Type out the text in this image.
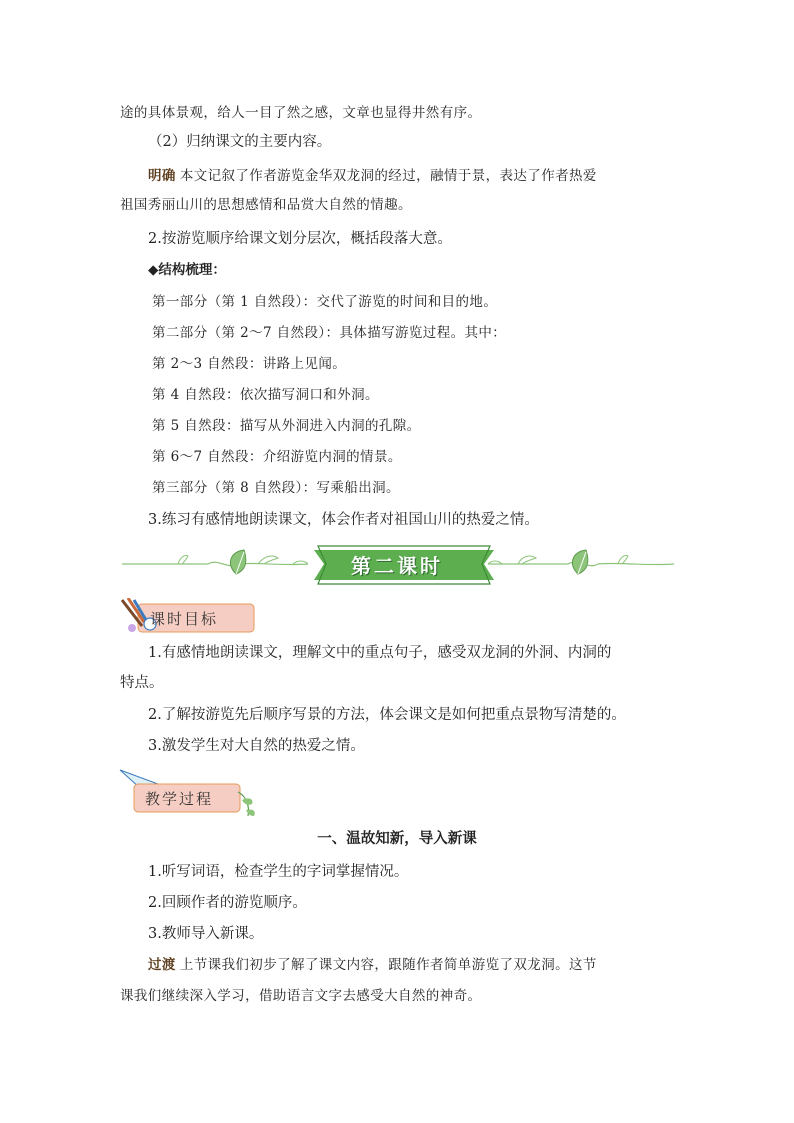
途的具体景观，给人一目了然之感，文章也显得井然有序。
（2）归纳课文的主要内容。
明确 本文记叙了作者游览金华双龙洞的经过，融情于景，表达了作者热爱
祖国秀丽山川的思想感情和品赏大自然的情趣。
2.按游览顺序给课文划分层次，概括段落大意。
◆结构梳理：
第一部分（第 1 自然段）：交代了游览的时间和目的地。
第二部分（第 2～7 自然段）：具体描写游览过程。其中：
第 2～3 自然段：讲路上见闻。
第 4 自然段：依次描写洞口和外洞。
第 5 自然段：描写从外洞进入内洞的孔隙。
第 6～7 自然段：介绍游览内洞的情景。
第三部分（第 8 自然段）：写乘船出洞。
3.练习有感情地朗读课文，体会作者对祖国山川的热爱之情。
第二课时
课时目标
1.有感情地朗读课文，理解文中的重点句子，感受双龙洞的外洞、内洞的
特点。
2.了解按游览先后顺序写景的方法，体会课文是如何把重点景物写清楚的。
3.激发学生对大自然的热爱之情。
教学过程
一、温故知新，导入新课
1.听写词语，检查学生的字词掌握情况。
2.回顾作者的游览顺序。
3.教师导入新课。
过渡 上节课我们初步了解了课文内容，跟随作者简单游览了双龙洞。这节
课我们继续深入学习，借助语言文字去感受大自然的神奇。
